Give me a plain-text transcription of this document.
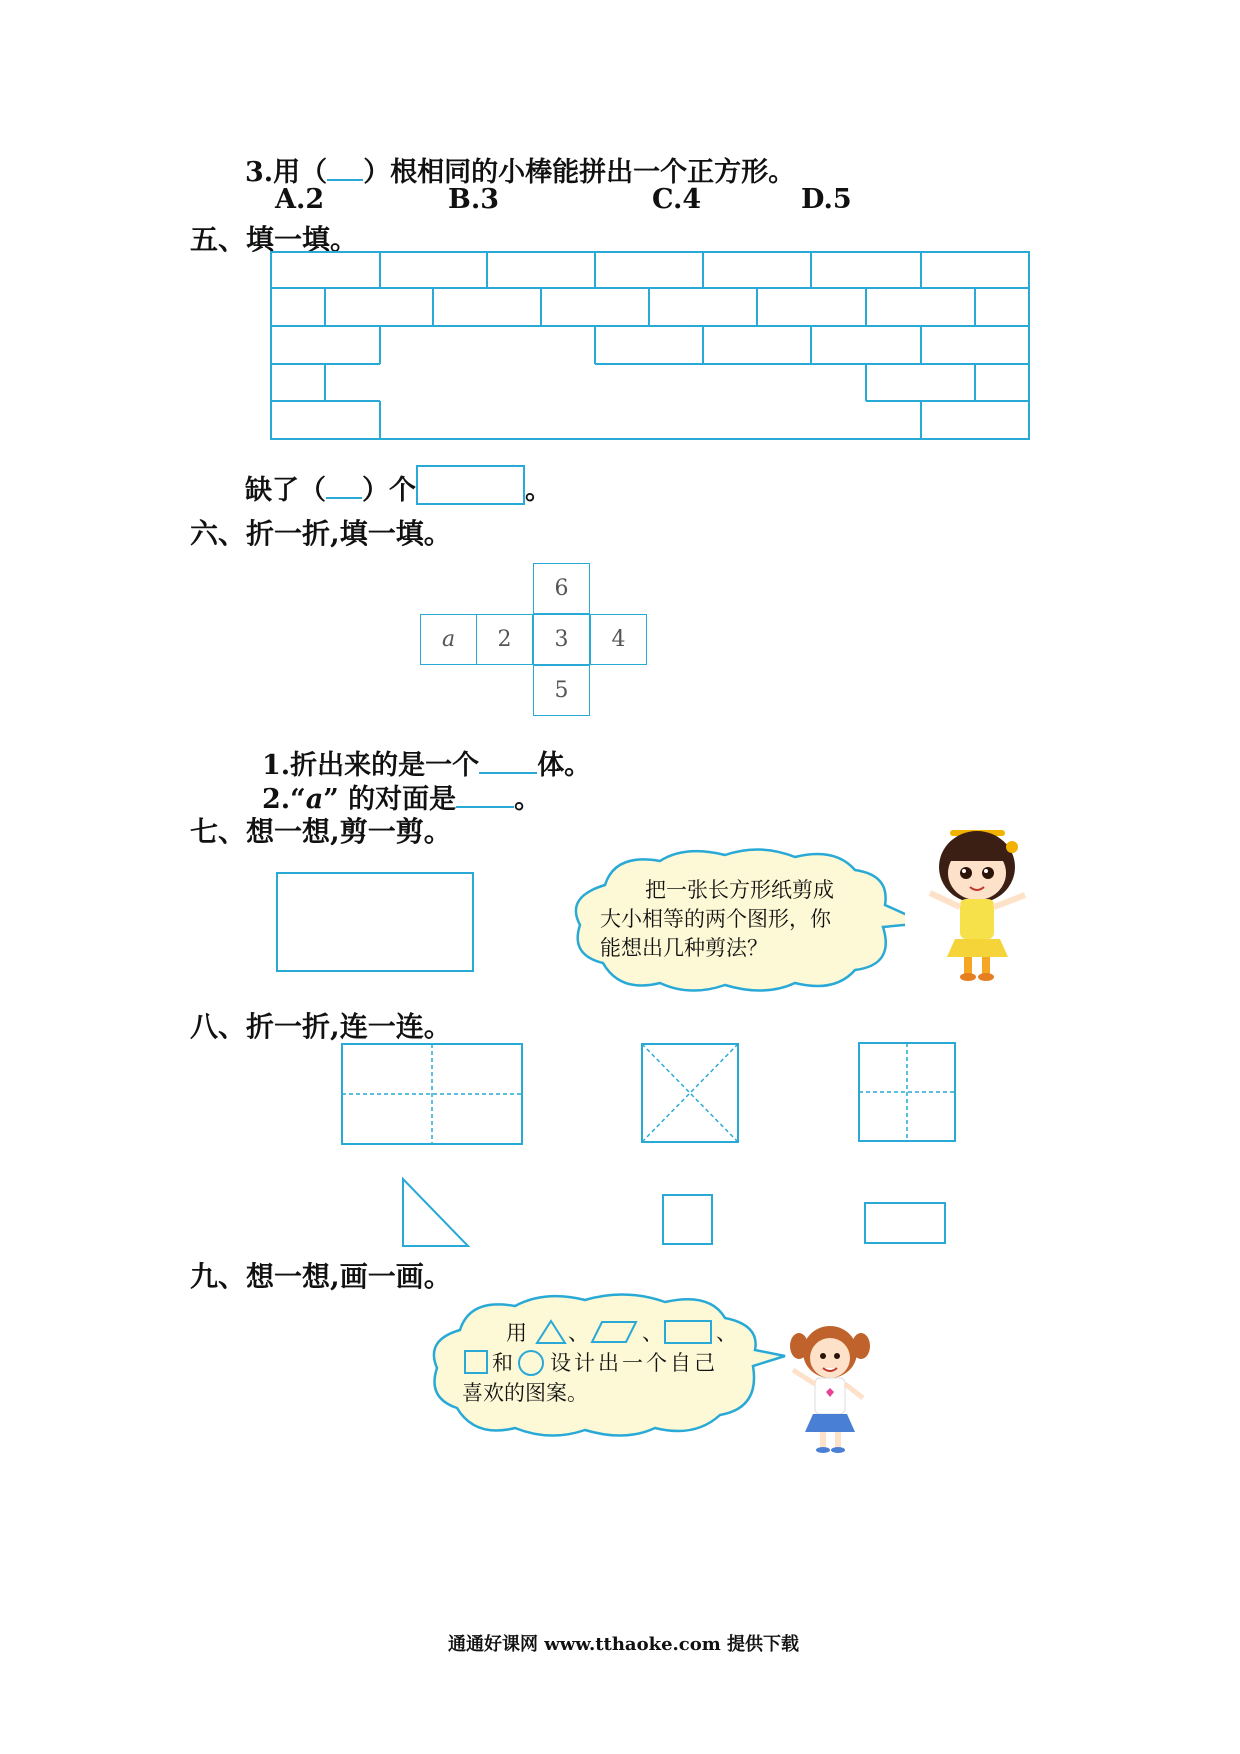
3.用（ ）根相同的小棒能拼出一个正方形。
A.2	B.3	C.4	D.5
五、填一填。
缺了（ ）个	。
六、折一折,填一填。
6
a	2	3	4
5
1.折出来的是一个 体。
2.“a” 的对面是 。
七、想一想,剪一剪。
把一张长方形纸剪成
大小相等的两个图形，你
能想出几种剪法？
八、折一折,连一连。
九、想一想,画一画。
用 、	、	、
和 设计出一个自己
喜欢的图案。
通通好课网 www.tthaoke.com 提供下载
